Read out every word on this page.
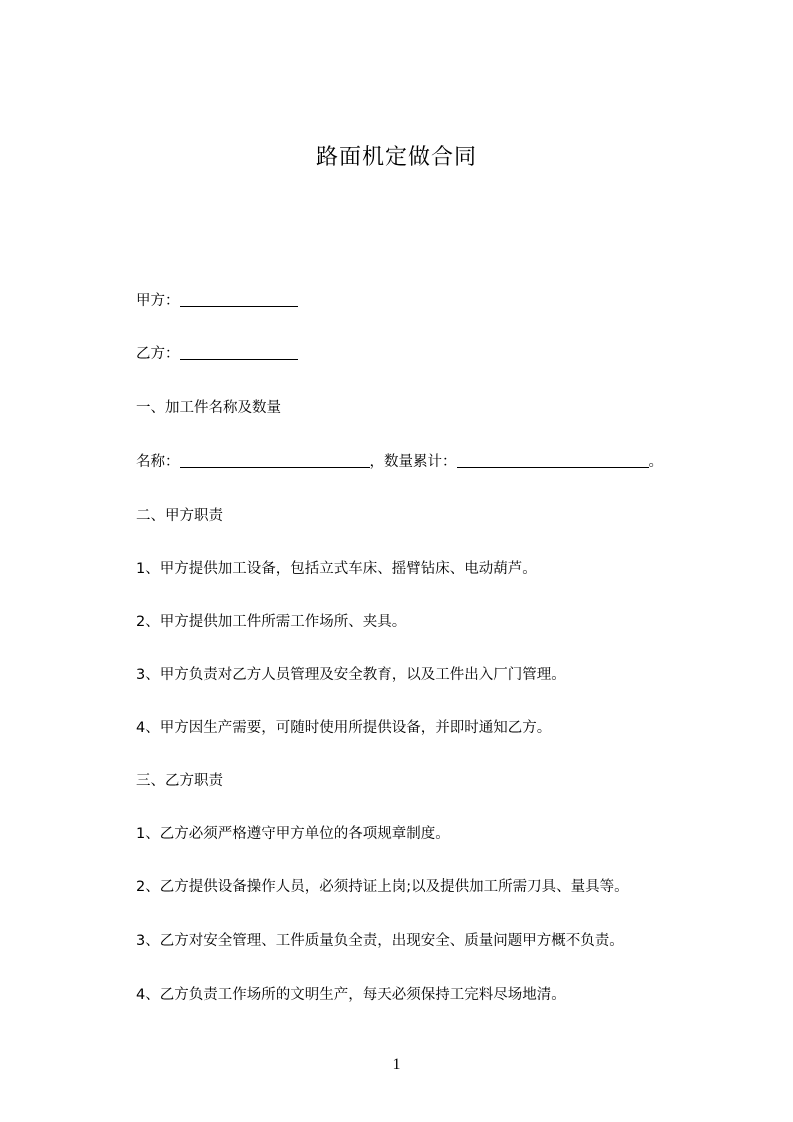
路面机定做合同
甲方：
乙方：
一、加工件名称及数量
名称：	，数量累计：	。
二、甲方职责
1、甲方提供加工设备，包括立式车床、摇臂钻床、电动葫芦。
2、甲方提供加工件所需工作场所、夹具。
3、甲方负责对乙方人员管理及安全教育，以及工件出入厂门管理。
4、甲方因生产需要，可随时使用所提供设备，并即时通知乙方。
三、乙方职责
1、乙方必须严格遵守甲方单位的各项规章制度。
2、乙方提供设备操作人员，必须持证上岗;以及提供加工所需刀具、量具等。
3、乙方对安全管理、工件质量负全责，出现安全、质量问题甲方概不负责。
4、乙方负责工作场所的文明生产，每天必须保持工完料尽场地清。
1
